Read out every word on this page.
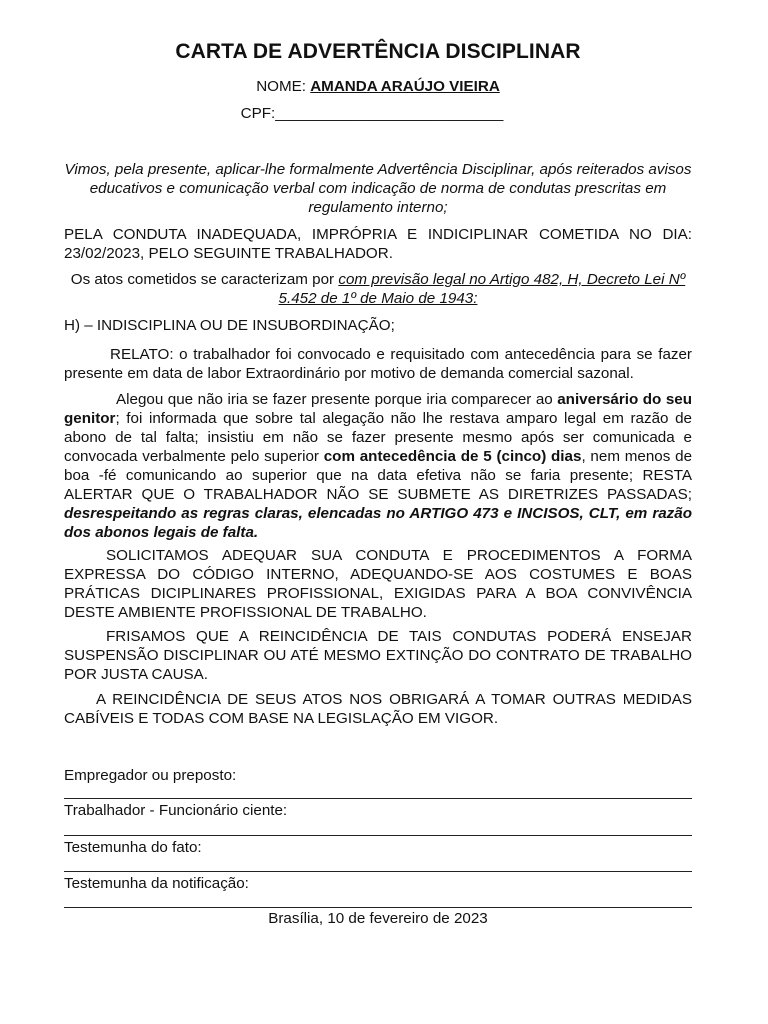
CARTA DE ADVERTÊNCIA DISCIPLINAR
NOME: AMANDA ARAÚJO VIEIRA
CPF:___________________________
Vimos, pela presente, aplicar-lhe formalmente Advertência Disciplinar, após reiterados avisos educativos e comunicação verbal com indicação de norma de condutas prescritas em regulamento interno;
PELA CONDUTA INADEQUADA, IMPRÓPRIA E INDICIPLINAR COMETIDA NO DIA: 23/02/2023, PELO SEGUINTE TRABALHADOR.
Os atos cometidos se caracterizam por com previsão legal no Artigo 482, H, Decreto Lei Nº 5.452 de 1º de Maio de 1943:
H) – INDISCIPLINA OU DE INSUBORDINAÇÃO;
RELATO: o trabalhador foi convocado e requisitado com antecedência para se fazer presente em data de labor Extraordinário por motivo de demanda comercial sazonal.
Alegou que não iria se fazer presente porque iria comparecer ao aniversário do seu genitor; foi informada que sobre tal alegação não lhe restava amparo legal em razão de abono de tal falta; insistiu em não se fazer presente mesmo após ser comunicada e convocada verbalmente pelo superior com antecedência de 5 (cinco) dias, nem menos de boa -fé comunicando ao superior que na data efetiva não se faria presente; RESTA ALERTAR QUE O TRABALHADOR NÃO SE SUBMETE AS DIRETRIZES PASSADAS; desrespeitando as regras claras, elencadas no ARTIGO 473 e INCISOS, CLT, em razão dos abonos legais de falta.
SOLICITAMOS ADEQUAR SUA CONDUTA E PROCEDIMENTOS A FORMA EXPRESSA DO CÓDIGO INTERNO, ADEQUANDO-SE AOS COSTUMES E BOAS PRÁTICAS DICIPLINARES PROFISSIONAL, EXIGIDAS PARA A BOA CONVIVÊNCIA DESTE AMBIENTE PROFISSIONAL DE TRABALHO.
FRISAMOS QUE A REINCIDÊNCIA DE TAIS CONDUTAS PODERÁ ENSEJAR SUSPENSÃO DISCIPLINAR OU ATÉ MESMO EXTINÇÃO DO CONTRATO DE TRABALHO POR JUSTA CAUSA.
A REINCIDÊNCIA DE SEUS ATOS NOS OBRIGARÁ A TOMAR OUTRAS MEDIDAS CABÍVEIS E TODAS COM BASE NA LEGISLAÇÃO EM VIGOR.
Empregador ou preposto:
Trabalhador - Funcionário ciente:
Testemunha do fato:
Testemunha da notificação:
Brasília, 10 de fevereiro de 2023
